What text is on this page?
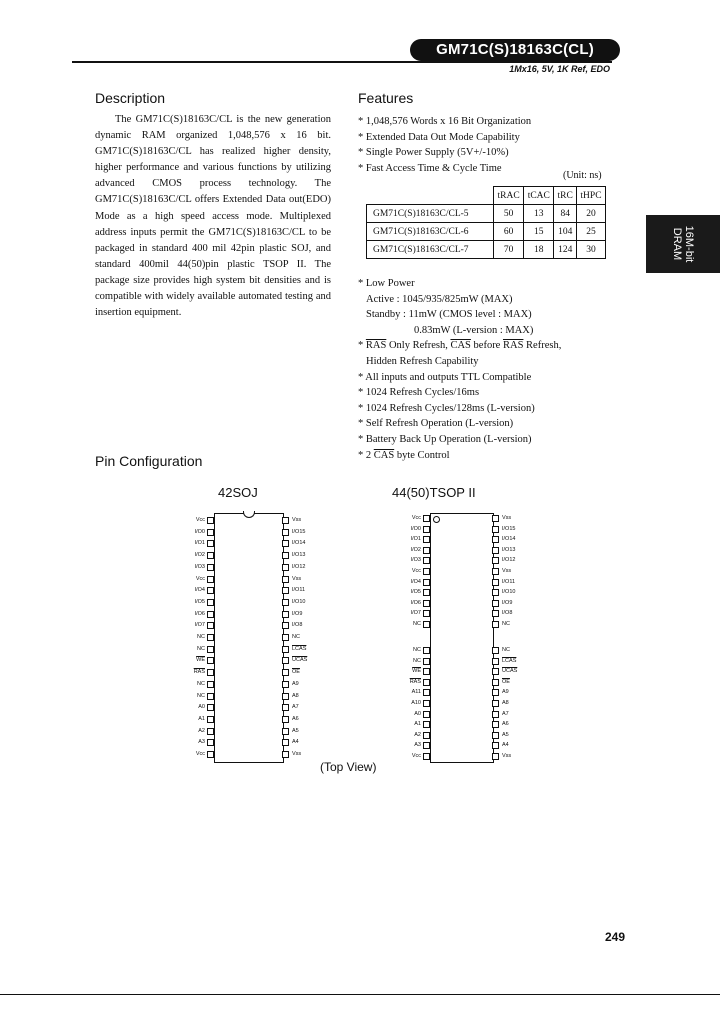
GM71C(S)18163C(CL)
1Mx16, 5V, 1K Ref, EDO
16M-bit
DRAM
Description
The GM71C(S)18163C/CL is the new generation dynamic RAM organized 1,048,576 x 16 bit. GM71C(S)18163C/CL has realized higher density, higher performance and various functions by utilizing advanced CMOS process technology. The GM71C(S)18163C/CL offers Extended Data out(EDO) Mode as a high speed access mode. Multiplexed address inputs permit the GM71C(S)18163C/CL to be packaged in standard 400 mil 42pin plastic SOJ, and standard 400mil 44(50)pin plastic TSOP II. The package size provides high system bit densities and is compatible with widely available automated testing and insertion equipment.
Features
* 1,048,576 Words x 16 Bit Organization
* Extended Data Out Mode Capability
* Single Power Supply (5V+/-10%)
* Fast Access Time & Cycle Time
(Unit: ns)
	tRAC	tCAC	tRC	tHPC
GM71C(S)18163C/CL-5	50	13	84	20
GM71C(S)18163C/CL-6	60	15	104	25
GM71C(S)18163C/CL-7	70	18	124	30
* Low Power
Active : 1045/935/825mW (MAX)
Standby : 11mW (CMOS level : MAX)
0.83mW (L-version : MAX)
* $\overline{RAS}$ Only Refresh, $\overline{CAS}$ before $\overline{RAS}$ Refresh,
Hidden Refresh Capability
* All inputs and outputs TTL Compatible
* 1024 Refresh Cycles/16ms
* 1024 Refresh Cycles/128ms (L-version)
* Self Refresh Operation (L-version)
* Battery Back Up Operation (L-version)
* 2 $\overline{CAS}$ byte Control
Pin Configuration
42SOJ	44(50)TSOP II
Vcc
I/O0
I/O1
I/O2
I/O3
Vcc
I/O4
I/O5
I/O6
I/O7
NC
NC
$\overline{WE}$
$\overline{RAS}$
NC
NC
A0
A1
A2
A3
Vcc
Vss
I/O15
I/O14
I/O13
I/O12
Vss
I/O11
I/O10
I/O9
I/O8
NC
LCAS
UCAS
$\overline{OE}$
A9
A8
A7
A6
A5
A4
Vss
Vcc
I/O0
I/O1
I/O2
I/O3
Vcc
I/O4
I/O5
I/O6
I/O7
NC
NC
NC
$\overline{WE}$
$\overline{RAS}$
A11
A10
A0
A1
A2
A3
Vcc
Vss
I/O15
I/O14
I/O13
I/O12
Vss
I/O11
I/O10
I/O9
I/O8
NC
NC
LCAS
UCAS
$\overline{OE}$
A9
A8
A7
A6
A5
A4
Vss
(Top View)
249
